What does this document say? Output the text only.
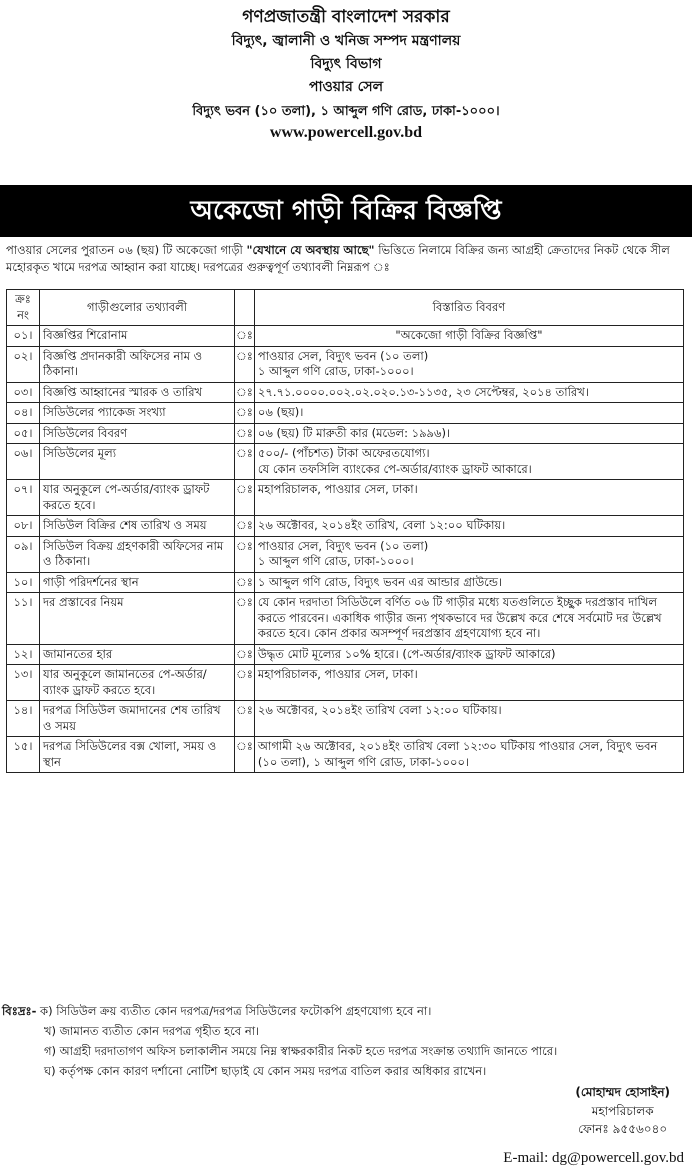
গণপ্রজাতন্ত্রী বাংলাদেশ সরকার
বিদ্যুৎ, জ্বালানী ও খনিজ সম্পদ মন্ত্রণালয়
বিদ্যুৎ বিভাগ
পাওয়ার সেল
বিদ্যুৎ ভবন (১০ তলা), ১ আব্দুল গণি রোড, ঢাকা-১০০০।
www.powercell.gov.bd
অকেজো গাড়ী বিক্রির বিজ্ঞপ্তি
পাওয়ার সেলের পুরাতন ০৬ (ছয়) টি অকেজো গাড়ী "যেখানে যে অবস্থায় আছে" ভিত্তিতে নিলামে বিক্রির জন্য আগ্রহী ক্রেতাদের নিকট থেকে সীল মহোরকৃত খামে দরপত্র আহ্বান করা যাচ্ছে। দরপত্রের গুরুত্বপূর্ণ তথ্যাবলী নিম্নরূপ ঃ
ক্রঃ নং	গাড়ীগুলোর তথ্যাবলী		বিস্তারিত বিবরণ
০১।	বিজ্ঞপ্তির শিরোনাম	ঃ	"অকেজো গাড়ী বিক্রির বিজ্ঞপ্তি"
০২।	বিজ্ঞপ্তি প্রদানকারী অফিসের নাম ও ঠিকানা।	ঃ	পাওয়ার সেল, বিদ্যুৎ ভবন (১০ তলা)
১ আব্দুল গণি রোড, ঢাকা-১০০০।
০৩।	বিজ্ঞপ্তি আহ্বানের স্মারক ও তারিখ	ঃ	২৭.৭১.০০০০.০০২.০২.০২০.১৩-১১৩৫, ২৩ সেপ্টেম্বর, ২০১৪ তারিখ।
০৪।	সিডিউলের প্যাকেজ সংখ্যা	ঃ	০৬ (ছয়)।
০৫।	সিডিউলের বিবরণ	ঃ	০৬ (ছয়) টি মারুতী কার (মডেল: ১৯৯৬)।
০৬।	সিডিউলের মূল্য	ঃ	৫০০/- (পাঁচশত) টাকা অফেরতযোগ্য।
যে কোন তফসিলি ব্যাংকের পে-অর্ডার/ব্যাংক ড্রাফট আকারে।
০৭।	যার অনুকূলে পে-অর্ডার/ব্যাংক ড্রাফট করতে হবে।	ঃ	মহাপরিচালক, পাওয়ার সেল, ঢাকা।
০৮।	সিডিউল বিক্রির শেষ তারিখ ও সময়	ঃ	২৬ অক্টোবর, ২০১৪ইং তারিখ, বেলা ১২:০০ ঘটিকায়।
০৯।	সিডিউল বিক্রয় গ্রহণকারী অফিসের নাম ও ঠিকানা।	ঃ	পাওয়ার সেল, বিদ্যুৎ ভবন (১০ তলা)
১ আব্দুল গণি রোড, ঢাকা-১০০০।
১০।	গাড়ী পরিদর্শনের স্থান	ঃ	১ আব্দুল গণি রোড, বিদ্যুৎ ভবন এর আন্ডার গ্রাউন্ডে।
১১।	দর প্রস্তাবের নিয়ম	ঃ	যে কোন দরদাতা সিডিউলে বর্ণিত ০৬ টি গাড়ীর মধ্যে যতগুলিতে ইচ্ছুক দরপ্রস্তাব দাখিল করতে পারবেন। একাধিক গাড়ীর জন্য পৃথকভাবে দর উল্লেখ করে শেষে সর্বমোট দর উল্লেখ করতে হবে। কোন প্রকার অসম্পূর্ণ দরপ্রস্তাব গ্রহণযোগ্য হবে না।
১২।	জামানতের হার	ঃ	উদ্ধৃত মোট মূল্যের ১০% হারে। (পে-অর্ডার/ব্যাংক ড্রাফট আকারে)
১৩।	যার অনুকূলে জামানতের পে-অর্ডার/ব্যাংক ড্রাফট করতে হবে।	ঃ	মহাপরিচালক, পাওয়ার সেল, ঢাকা।
১৪।	দরপত্র সিডিউল জমাদানের শেষ তারিখ ও সময়	ঃ	২৬ অক্টোবর, ২০১৪ইং তারিখ বেলা ১২:০০ ঘটিকায়।
১৫।	দরপত্র সিডিউলের বক্স খোলা, সময় ও স্থান	ঃ	আগামী ২৬ অক্টোবর, ২০১৪ইং তারিখ বেলা ১২:৩০ ঘটিকায় পাওয়ার সেল, বিদ্যুৎ ভবন (১০ তলা), ১ আব্দুল গণি রোড, ঢাকা-১০০০।
বিঃদ্রঃ- ক) সিডিউল ক্রয় ব্যতীত কোন দরপত্র/দরপত্র সিডিউলের ফটোকপি গ্রহণযোগ্য হবে না।
খ) জামানত ব্যতীত কোন দরপত্র গৃহীত হবে না।
গ) আগ্রহী দরদাতাগণ অফিস চলাকালীন সময়ে নিম্ন স্বাক্ষরকারীর নিকট হতে দরপত্র সংক্রান্ত তথ্যাদি জানতে পারে।
ঘ) কর্তৃপক্ষ কোন কারণ দর্শানো নোটিশ ছাড়াই যে কোন সময় দরপত্র বাতিল করার অধিকার রাখেন।
(মোহাম্মদ হোসাইন)
মহাপরিচালক
ফোনঃ ৯৫৫৬০৪০
E-mail: dg@powercell.gov.bd
